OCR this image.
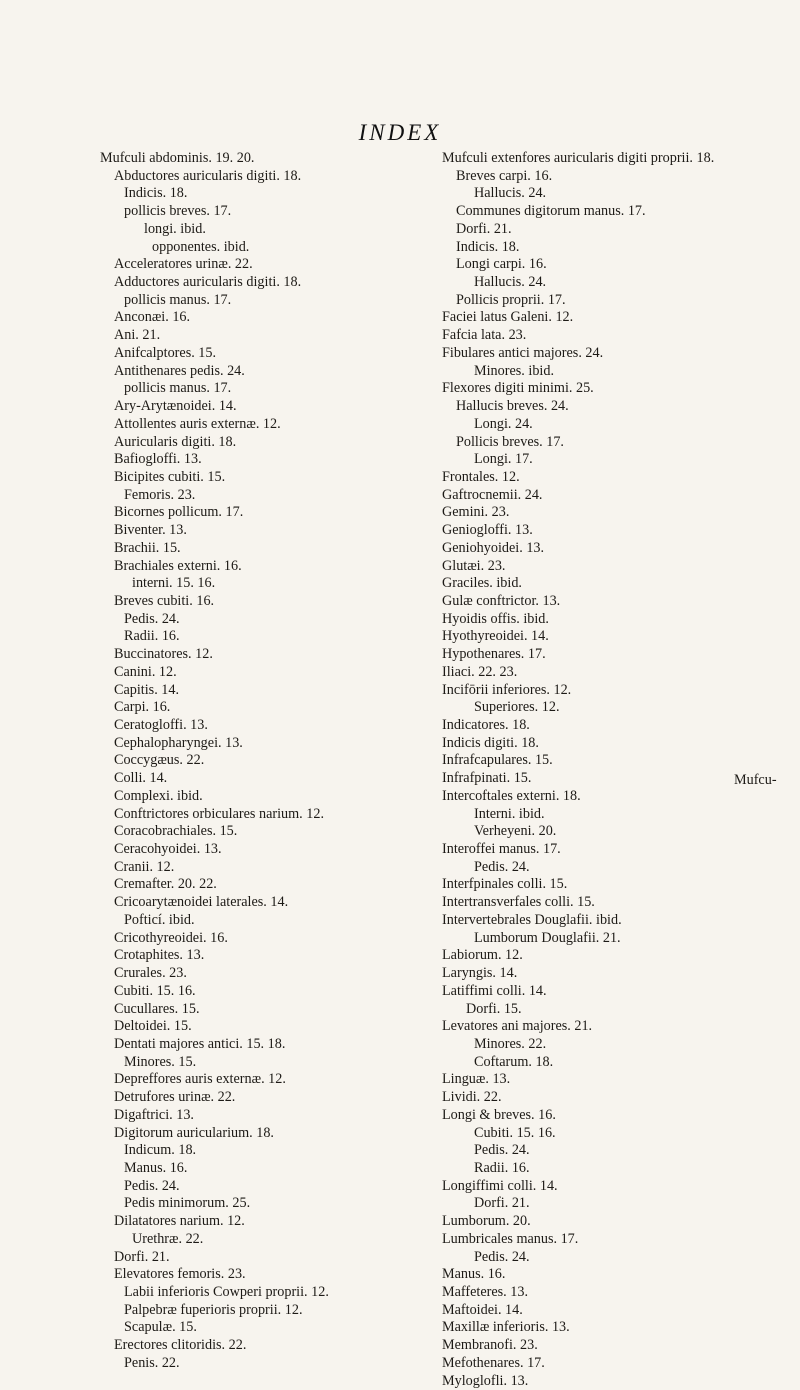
INDEX
Mufculi abdominis. 19. 20.
Abductores auricularis digiti. 18.
Indicis. 18.
pollicis breves. 17.
longi. ibid.
opponentes. ibid.
Acceleratores urinæ. 22.
Adductores auricularis digiti. 18.
pollicis manus. 17.
Anconæi. 16.
Ani. 21.
Anifcalptores. 15.
Antithenares pedis. 24.
pollicis manus. 17.
Ary-Arytænoidei. 14.
Attollentes auris externæ. 12.
Auricularis digiti. 18.
Bafiogloffi. 13.
Bicipites cubiti. 15.
Femoris. 23.
Bicornes pollicum. 17.
Biventer. 13.
Brachii. 15.
Brachiales externi. 16.
interni. 15. 16.
Breves cubiti. 16.
Pedis. 24.
Radii. 16.
Buccinatores. 12.
Canini. 12.
Capitis. 14.
Carpi. 16.
Ceratogloffi. 13.
Cephalopharyngei. 13.
Coccygæus. 22.
Colli. 14.
Complexi. ibid.
Conftrictores orbiculares narium. 12.
Coracobrachiales. 15.
Ceracohyoidei. 13.
Cranii. 12.
Cremafter. 20. 22.
Cricoarytænoidei laterales. 14.
Pofticí. ibid.
Cricothyreoidei. 16.
Crotaphites. 13.
Crurales. 23.
Cubiti. 15. 16.
Cucullares. 15.
Deltoidei. 15.
Dentati majores antici. 15. 18.
Minores. 15.
Depreffores auris externæ. 12.
Detrufores urinæ. 22.
Digaftrici. 13.
Digitorum auricularium. 18.
Indicum. 18.
Manus. 16.
Pedis. 24.
Pedis minimorum. 25.
Dilatatores narium. 12.
Urethræ. 22.
Dorfi. 21.
Elevatores femoris. 23.
Labii inferioris Cowperi proprii. 12.
Palpebræ fuperioris proprii. 12.
Scapulæ. 15.
Erectores clitoridis. 22.
Penis. 22.
Mufculi extenfores auricularis digiti proprii. 18.
Breves carpi. 16.
Hallucis. 24.
Communes digitorum manus. 17.
Dorfi. 21.
Indicis. 18.
Longi carpi. 16.
Hallucis. 24.
Pollicis proprii. 17.
Faciei latus Galeni. 12.
Fafcia lata. 23.
Fibulares antici majores. 24.
Minores. ibid.
Flexores digiti minimi. 25.
Hallucis breves. 24.
Longi. 24.
Pollicis breves. 17.
Longi. 17.
Frontales. 12.
Gaftrocnemii. 24.
Gemini. 23.
Geniogloffi. 13.
Geniohyoidei. 13.
Glutæi. 23.
Graciles. ibid.
Gulæ conftrictor. 13.
Hyoidis offis. ibid.
Hyothyreoidei. 14.
Hypothenares. 17.
Iliaci. 22. 23.
Incifōrii inferiores. 12.
Superiores. 12.
Indicatores. 18.
Indicis digiti. 18.
Infrafcapulares. 15.
Infrafpinati. 15.
Intercoftales externi. 18.
Interni. ibid.
Verheyeni. 20.
Interoffei manus. 17.
Pedis. 24.
Interfpinales colli. 15.
Intertransverfales colli. 15.
Intervertebrales Douglafii. ibid.
Lumborum Douglafii. 21.
Labiorum. 12.
Laryngis. 14.
Latiffimi colli. 14.
Dorfi. 15.
Levatores ani majores. 21.
Minores. 22.
Coftarum. 18.
Linguæ. 13.
Lividi. 22.
Longi & breves. 16.
Cubiti. 15. 16.
Pedis. 24.
Radii. 16.
Longiffimi colli. 14.
Dorfi. 21.
Lumborum. 20.
Lumbricales manus. 17.
Pedis. 24.
Manus. 16.
Maffeteres. 13.
Maftoidei. 14.
Maxillæ inferioris. 13.
Membranofi. 23.
Mefothenares. 17.
Myloglofli. 13.
Mufcu-
